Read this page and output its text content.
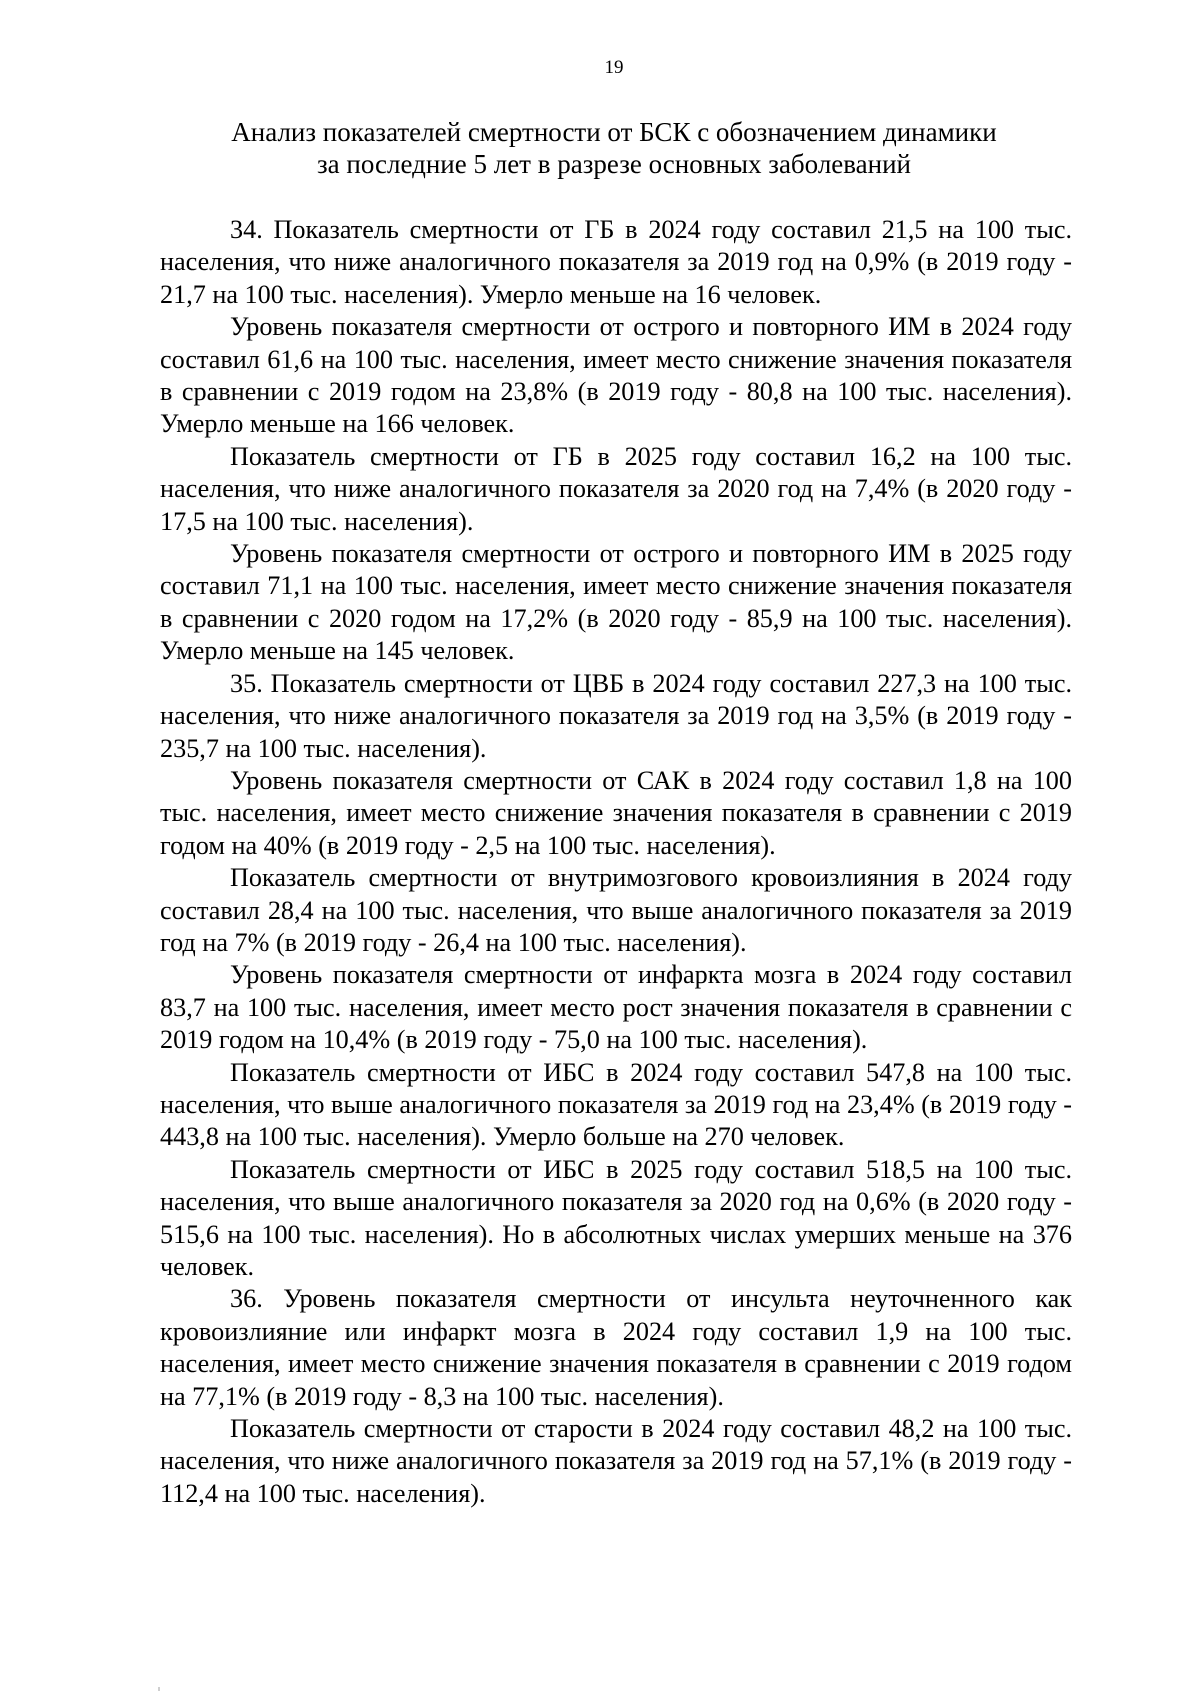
19
Анализ показателей смертности от БСК с обозначением динамики
за последние 5 лет в разрезе основных заболеваний

34. Показатель смертности от ГБ в 2024 году составил 21,5 на 100 тыс. населения, что ниже аналогичного показателя за 2019 год на 0,9% (в 2019 году - 21,7 на 100 тыс. населения). Умерло меньше на 16 человек.

Уровень показателя смертности от острого и повторного ИМ в 2024 году составил 61,6 на 100 тыс. населения, имеет место снижение значения показателя в сравнении с 2019 годом на 23,8% (в 2019 году - 80,8 на 100 тыс. населения). Умерло меньше на 166 человек.

Показатель смертности от ГБ в 2025 году составил 16,2 на 100 тыс. населения, что ниже аналогичного показателя за 2020 год на 7,4% (в 2020 году - 17,5 на 100 тыс. населения).

Уровень показателя смертности от острого и повторного ИМ в 2025 году составил 71,1 на 100 тыс. населения, имеет место снижение значения показателя в сравнении с 2020 годом на 17,2% (в 2020 году - 85,9 на 100 тыс. населения). Умерло меньше на 145 человек.

35. Показатель смертности от ЦВБ в 2024 году составил 227,3 на 100 тыс. населения, что ниже аналогичного показателя за 2019 год на 3,5% (в 2019 году - 235,7 на 100 тыс. населения).

Уровень показателя смертности от САК в 2024 году составил 1,8 на 100 тыс. населения, имеет место снижение значения показателя в сравнении с 2019 годом на 40% (в 2019 году - 2,5 на 100 тыс. населения).

Показатель смертности от внутримозгового кровоизлияния в 2024 году составил 28,4 на 100 тыс. населения, что выше аналогичного показателя за 2019 год на 7% (в 2019 году - 26,4 на 100 тыс. населения).

Уровень показателя смертности от инфаркта мозга в 2024 году составил 83,7 на 100 тыс. населения, имеет место рост значения показателя в сравнении с 2019 годом на 10,4% (в 2019 году - 75,0 на 100 тыс. населения).

Показатель смертности от ИБС в 2024 году составил 547,8 на 100 тыс. населения, что выше аналогичного показателя за 2019 год на 23,4% (в 2019 году - 443,8 на 100 тыс. населения). Умерло больше на 270 человек.

Показатель смертности от ИБС в 2025 году составил 518,5 на 100 тыс. населения, что выше аналогичного показателя за 2020 год на 0,6% (в 2020 году - 515,6 на 100 тыс. населения). Но в абсолютных числах умерших меньше на 376 человек.

36. Уровень показателя смертности от инсульта неуточненного как кровоизлияние или инфаркт мозга в 2024 году составил 1,9 на 100 тыс. населения, имеет место снижение значения показателя в сравнении с 2019 годом на 77,1% (в 2019 году - 8,3 на 100 тыс. населения).

Показатель смертности от старости в 2024 году составил 48,2 на 100 тыс. населения, что ниже аналогичного показателя за 2019 год на 57,1% (в 2019 году - 112,4 на 100 тыс. населения).
